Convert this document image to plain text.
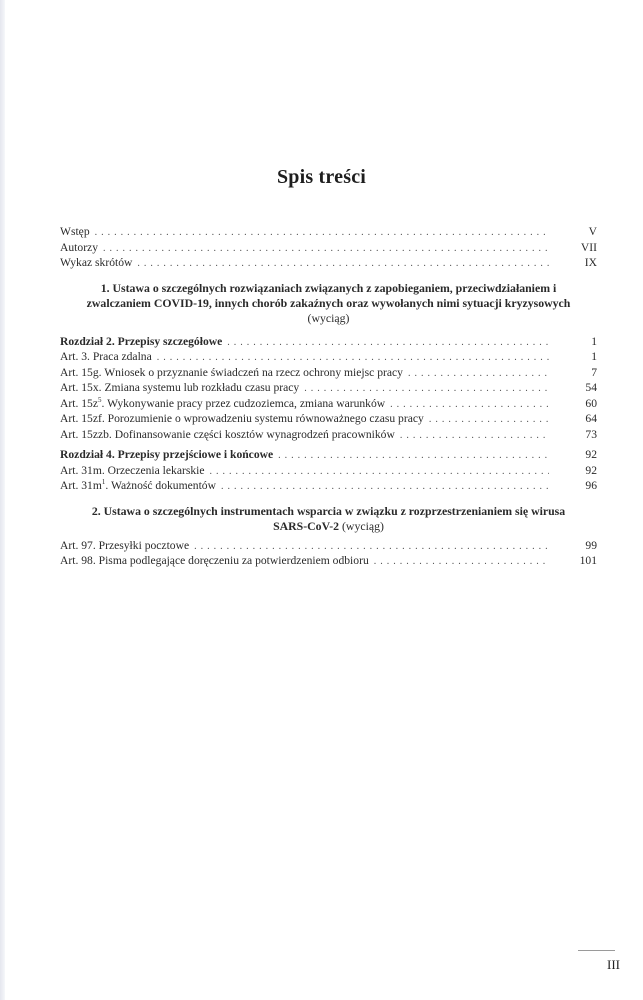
Spis treści
Wstęp . . .	V
Autorzy . . .	VII
Wykaz skrótów . . .	IX
1. Ustawa o szczególnych rozwiązaniach związanych z zapobieganiem, przeciwdziałaniem i zwalczaniem COVID-19, innych chorób zakaźnych oraz wywołanych nimi sytuacji kryzysowych (wyciąg)
Rozdział 2. Przepisy szczegółowe . . .	1
Art. 3. Praca zdalna . . .	1
Art. 15g. Wniosek o przyznanie świadczeń na rzecz ochrony miejsc pracy . . .	7
Art. 15x. Zmiana systemu lub rozkładu czasu pracy . . .	54
Art. $15z^5$. Wykonywanie pracy przez cudzoziemca, zmiana warunków . . .	60
Art. 15zf. Porozumienie o wprowadzeniu systemu równoważnego czasu pracy . . .	64
Art. 15zzb. Dofinansowanie części kosztów wynagrodzeń pracowników . . .	73
Rozdział 4. Przepisy przejściowe i końcowe . . .	92
Art. 31m. Orzeczenia lekarskie . . .	92
Art. $31m^1$. Ważność dokumentów . . .	96
2. Ustawa o szczególnych instrumentach wsparcia w związku z rozprzestrzenianiem się wirusa SARS-CoV-2 (wyciąg)
Art. 97. Przesyłki pocztowe . . .	99
Art. 98. Pisma podlegające doręczeniu za potwierdzeniem odbioru . . .	101
III
